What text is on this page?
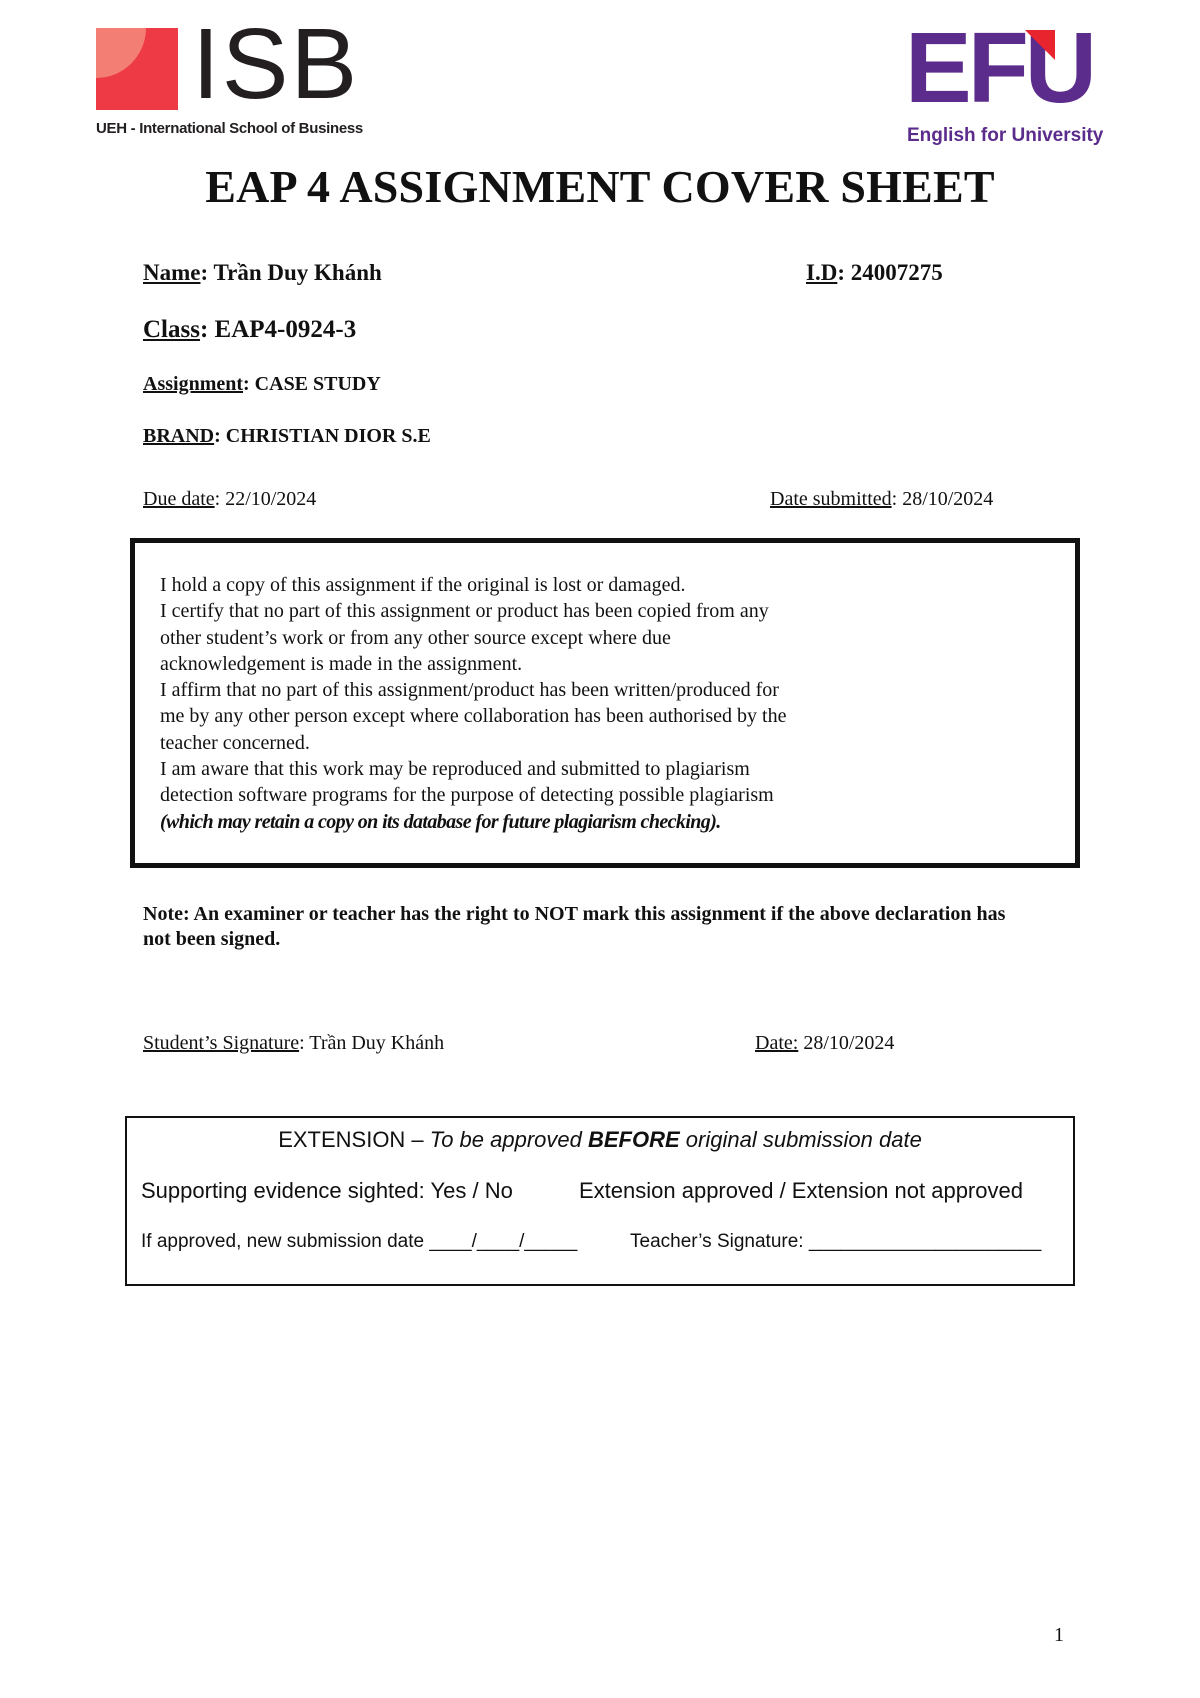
ISB
UEH - International School of Business
EFU
English for University
EAP 4 ASSIGNMENT COVER SHEET
Name: Trần Duy Khánh	I.D: 24007275
Class: EAP4-0924-3
Assignment: CASE STUDY
BRAND: CHRISTIAN DIOR S.E
Due date: 22/10/2024	Date submitted: 28/10/2024
I hold a copy of this assignment if the original is lost or damaged.
I certify that no part of this assignment or product has been copied from any
other student’s work or from any other source except where due
acknowledgement is made in the assignment.
I affirm that no part of this assignment/product has been written/produced for
me by any other person except where collaboration has been authorised by the
teacher concerned.
I am aware that this work may be reproduced and submitted to plagiarism
detection software programs for the purpose of detecting possible plagiarism
(which may retain a copy on its database for future plagiarism checking).
Note: An examiner or teacher has the right to NOT mark this assignment if the above declaration has not been signed.
Student’s Signature: Trần Duy Khánh	Date: 28/10/2024
EXTENSION – To be approved BEFORE original submission date
Supporting evidence sighted: Yes / No	Extension approved / Extension not approved
If approved, new submission date ____/____/_____	Teacher’s Signature: ______________________
1
